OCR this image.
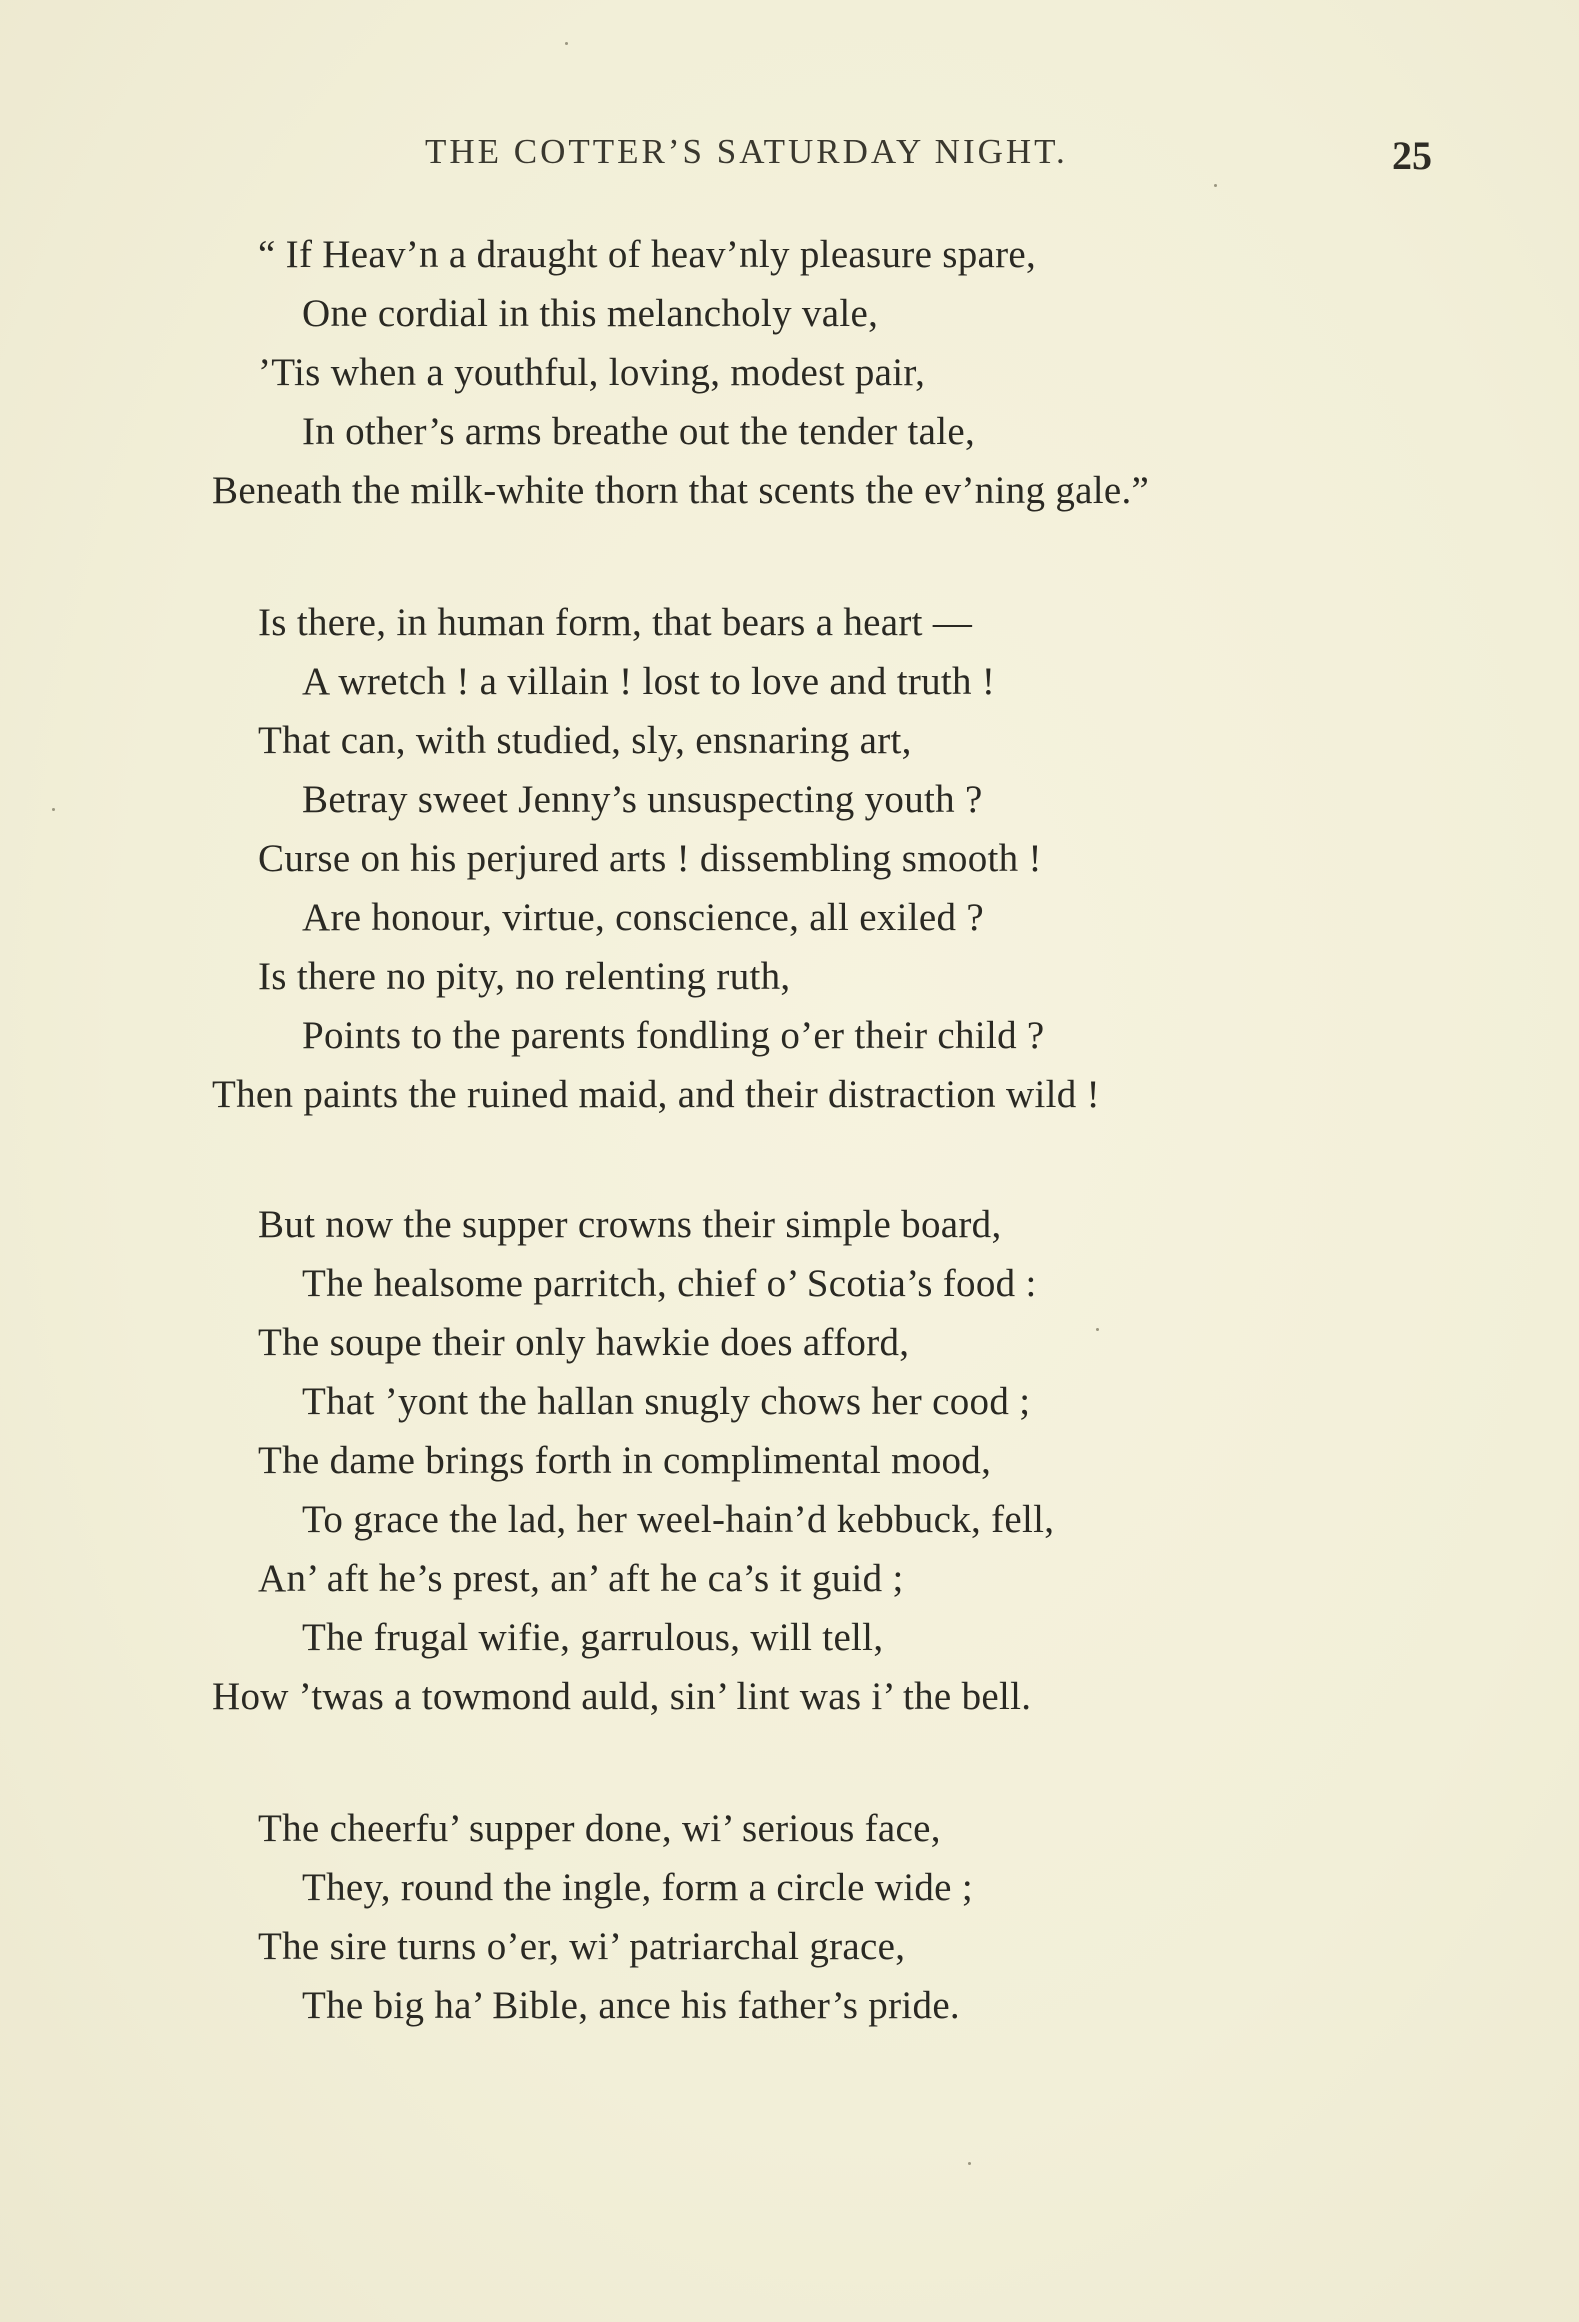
THE COTTER’S SATURDAY NIGHT.	25
“ If Heav’n a draught of heav’nly pleasure spare,
One cordial in this melancholy vale,
’Tis when a youthful, loving, modest pair,
In other’s arms breathe out the tender tale,
Beneath the milk-white thorn that scents the ev’ning gale.”
Is there, in human form, that bears a heart —
A wretch ! a villain ! lost to love and truth !
That can, with studied, sly, ensnaring art,
Betray sweet Jenny’s unsuspecting youth ?
Curse on his perjured arts ! dissembling smooth !
Are honour, virtue, conscience, all exiled ?
Is there no pity, no relenting ruth,
Points to the parents fondling o’er their child ?
Then paints the ruined maid, and their distraction wild !
But now the supper crowns their simple board,
The healsome parritch, chief o’ Scotia’s food :
The soupe their only hawkie does afford,
That ’yont the hallan snugly chows her cood ;
The dame brings forth in complimental mood,
To grace the lad, her weel-hain’d kebbuck, fell,
An’ aft he’s prest, an’ aft he ca’s it guid ;
The frugal wifie, garrulous, will tell,
How ’twas a towmond auld, sin’ lint was i’ the bell.
The cheerfu’ supper done, wi’ serious face,
They, round the ingle, form a circle wide ;
The sire turns o’er, wi’ patriarchal grace,
The big ha’ Bible, ance his father’s pride.
